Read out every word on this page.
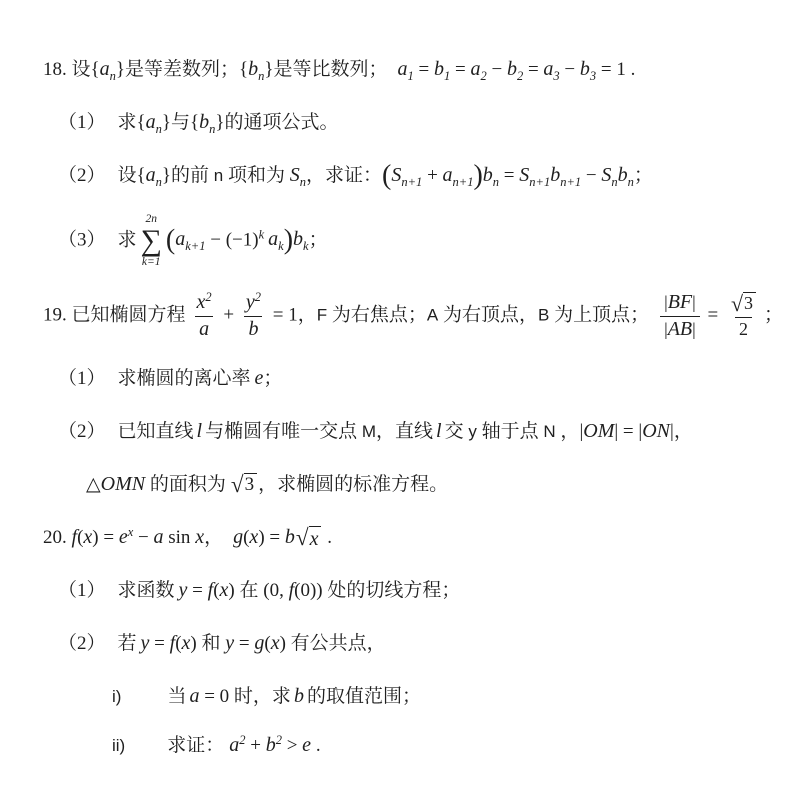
18. 设$\{a_n\}$是等差数列；$\{b_n\}$是等比数列； $a_1 = b_1 = a_2 - b_2 = a_3 - b_3 = 1$ .
（1） 求$\{a_n\}$与$\{b_n\}$的通项公式。
（2） 设$\{a_n\}$的前 n 项和为 $S_n$，求证：$(S_{n+1} + a_{n+1})b_n = S_{n+1}b_{n+1} - S_nb_n$；
（3） 求
2n
∑
k=1
($a_{k+1} - (-1)^k$ $a_k)b_k$；
19. 已知椭圆方程 $\frac{x^2}{a} + \frac{y^2}{b} = 1$，F 为右焦点；A 为右顶点，B 为上顶点； $\frac{|BF|}{|AB|} = \frac{√ 3}{2}$ ；
（1） 求椭圆的离心率 e；
（2） 已知直线 l 与椭圆有唯一交点 M，直线 l 交 y 轴于点 N ，|OM| = |ON|，
△OMN 的面积为 √ 3 ，求椭圆的标准方程。
20. $f(x) = e^x - a$ sin x， g(x) = b √ x .
（1） 求函数 y = f(x) 在 (0, f(0)) 处的切线方程；
（2） 若 y = f(x) 和 y = g(x) 有公共点，
i) 当 a = 0 时，求 b 的取值范围；
ii) 求证： $a^2 + b^2 > e$ .
